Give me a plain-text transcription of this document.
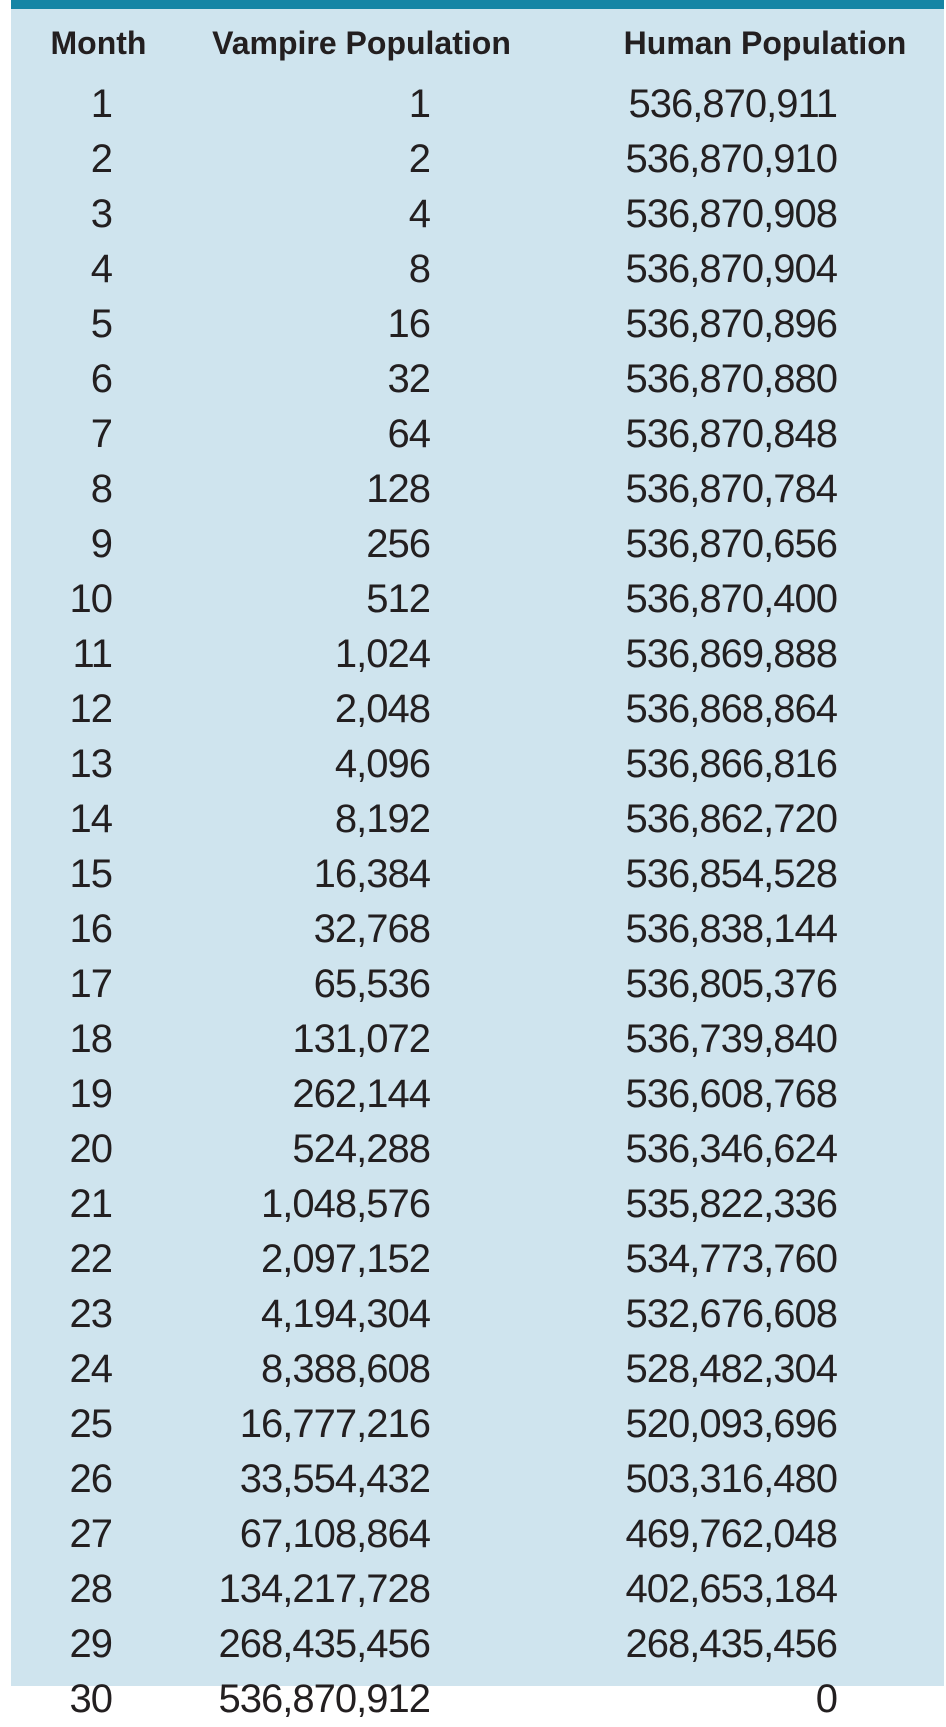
Month	Vampire Population	Human Population
1	1	536,870,911
2	2	536,870,910
3	4	536,870,908
4	8	536,870,904
5	16	536,870,896
6	32	536,870,880
7	64	536,870,848
8	128	536,870,784
9	256	536,870,656
10	512	536,870,400
11	1,024	536,869,888
12	2,048	536,868,864
13	4,096	536,866,816
14	8,192	536,862,720
15	16,384	536,854,528
16	32,768	536,838,144
17	65,536	536,805,376
18	131,072	536,739,840
19	262,144	536,608,768
20	524,288	536,346,624
21	1,048,576	535,822,336
22	2,097,152	534,773,760
23	4,194,304	532,676,608
24	8,388,608	528,482,304
25	16,777,216	520,093,696
26	33,554,432	503,316,480
27	67,108,864	469,762,048
28	134,217,728	402,653,184
29	268,435,456	268,435,456
30	536,870,912	0
